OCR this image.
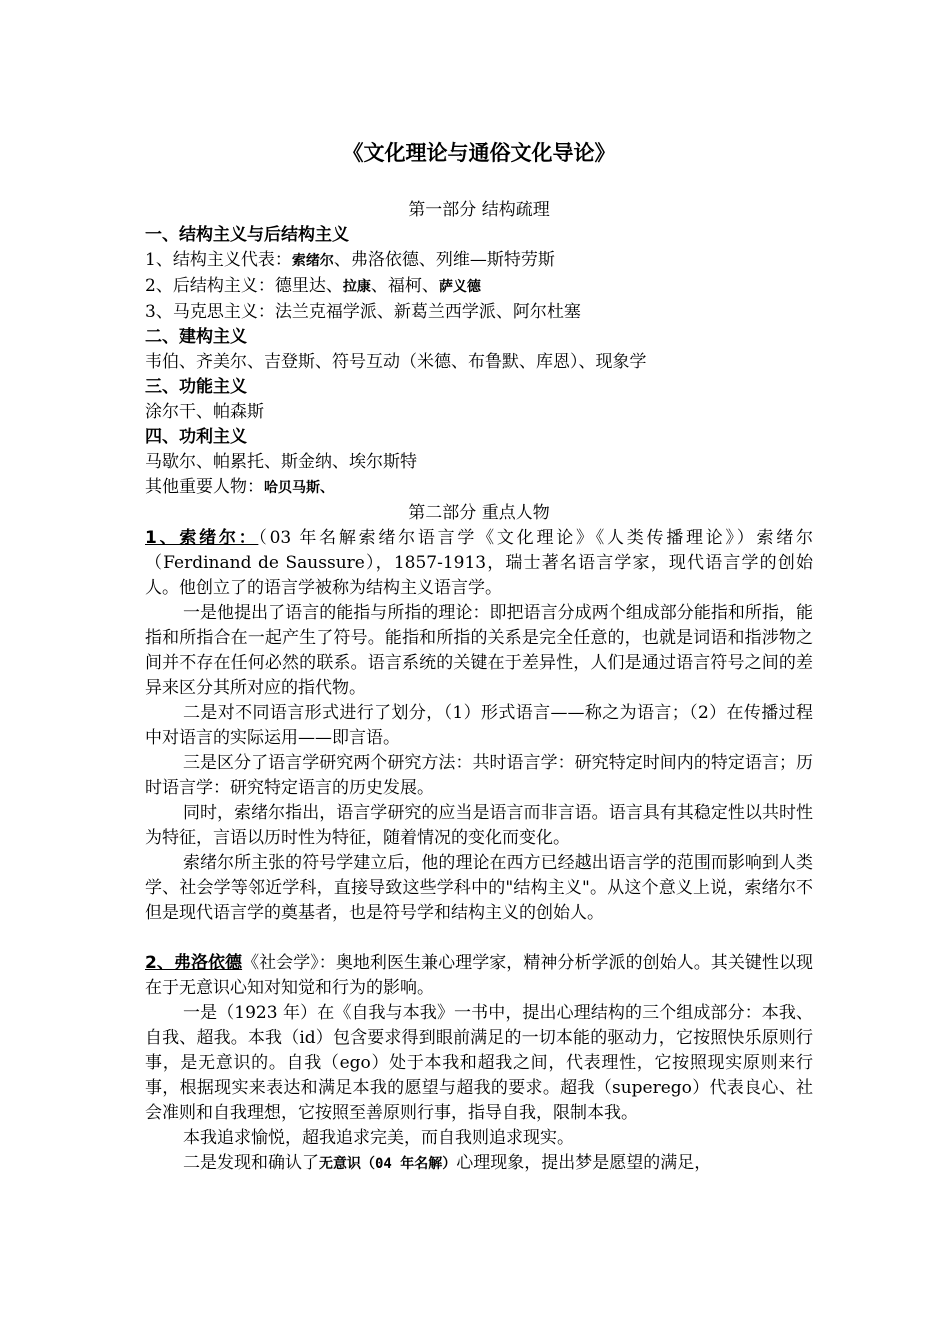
《文化理论与通俗文化导论》
第一部分 结构疏理
一、结构主义与后结构主义
1、结构主义代表：索绪尔、弗洛依德、列维—斯特劳斯
2、后结构主义：德里达、拉康、福柯、萨义德
3、马克思主义：法兰克福学派、新葛兰西学派、阿尔杜塞
二、建构主义
韦伯、齐美尔、吉登斯、符号互动（米德、布鲁默、库恩）、现象学
三、功能主义
涂尔干、帕森斯
四、功利主义
马歇尔、帕累托、斯金纳、埃尔斯特
其他重要人物：哈贝马斯、
第二部分 重点人物
1、索绪尔：（03 年名解索绪尔语言学《文化理论》《人类传播理论》）索绪尔（Ferdinand de Saussure），1857-1913，瑞士著名语言学家，现代语言学的创始人。他创立了的语言学被称为结构主义语言学。
一是他提出了语言的能指与所指的理论：即把语言分成两个组成部分能指和所指，能指和所指合在一起产生了符号。能指和所指的关系是完全任意的，也就是词语和指涉物之间并不存在任何必然的联系。语言系统的关键在于差异性，人们是通过语言符号之间的差异来区分其所对应的指代物。
二是对不同语言形式进行了划分，（1）形式语言——称之为语言；（2）在传播过程中对语言的实际运用——即言语。
三是区分了语言学研究两个研究方法：共时语言学：研究特定时间内的特定语言；历时语言学：研究特定语言的历史发展。
同时，索绪尔指出，语言学研究的应当是语言而非言语。语言具有其稳定性以共时性为特征，言语以历时性为特征，随着情况的变化而变化。
索绪尔所主张的符号学建立后，他的理论在西方已经越出语言学的范围而影响到人类学、社会学等邻近学科，直接导致这些学科中的"结构主义"。从这个意义上说，索绪尔不但是现代语言学的奠基者，也是符号学和结构主义的创始人。
2、弗洛依德《社会学》：奥地利医生兼心理学家，精神分析学派的创始人。其关键性以现在于无意识心知对知觉和行为的影响。
一是（1923 年）在《自我与本我》一书中，提出心理结构的三个组成部分：本我、自我、超我。本我（id）包含要求得到眼前满足的一切本能的驱动力，它按照快乐原则行事，是无意识的。自我（ego）处于本我和超我之间，代表理性，它按照现实原则来行事，根据现实来表达和满足本我的愿望与超我的要求。超我（superego）代表良心、社会准则和自我理想，它按照至善原则行事，指导自我，限制本我。
本我追求愉悦，超我追求完美，而自我则追求现实。
二是发现和确认了无意识（04 年名解）心理现象，提出梦是愿望的满足，
